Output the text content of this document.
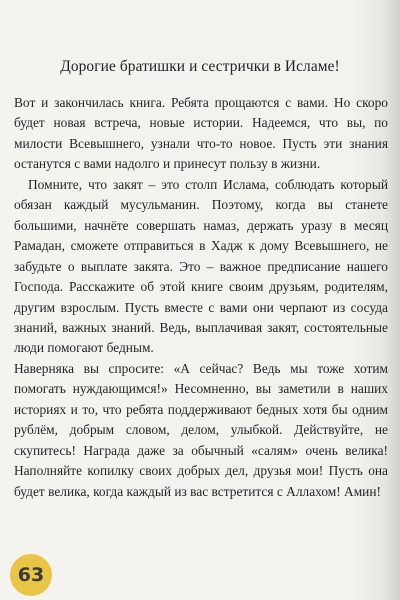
Дорогие братишки и сестрички в Исламе!

Вот и закончилась книга. Ребята прощаются с вами. Но скоро будет новая встреча, новые истории. Надеемся, что вы, по милости Всевышнего, узнали что-то новое. Пусть эти знания останутся с вами надолго и принесут пользу в жизни.

Помните, что закят – это столп Ислама, соблюдать который обязан каждый мусульманин. Поэтому, когда вы станете большими, начнёте совершать намаз, держать уразу в месяц Рамадан, сможете отправиться в Хадж к дому Всевышнего, не забудьте о выплате закята. Это – важное предписание нашего Господа. Расскажите об этой книге своим друзьям, родителям, другим взрослым. Пусть вместе с вами они черпают из сосуда знаний, важных знаний. Ведь, выплачивая закят, состоятельные люди помогают бедным.

Наверняка вы спросите: «А сейчас? Ведь мы тоже хотим помогать нуждающимся!» Несомненно, вы заметили в наших историях и то, что ребята поддерживают бедных хотя бы одним рублём, добрым словом, делом, улыбкой. Действуйте, не скупитесь! Награда даже за обычный «салям» очень велика! Наполняйте копилку своих добрых дел, друзья мои! Пусть она будет велика, когда каждый из вас встретится с Аллахом! Амин!

63
